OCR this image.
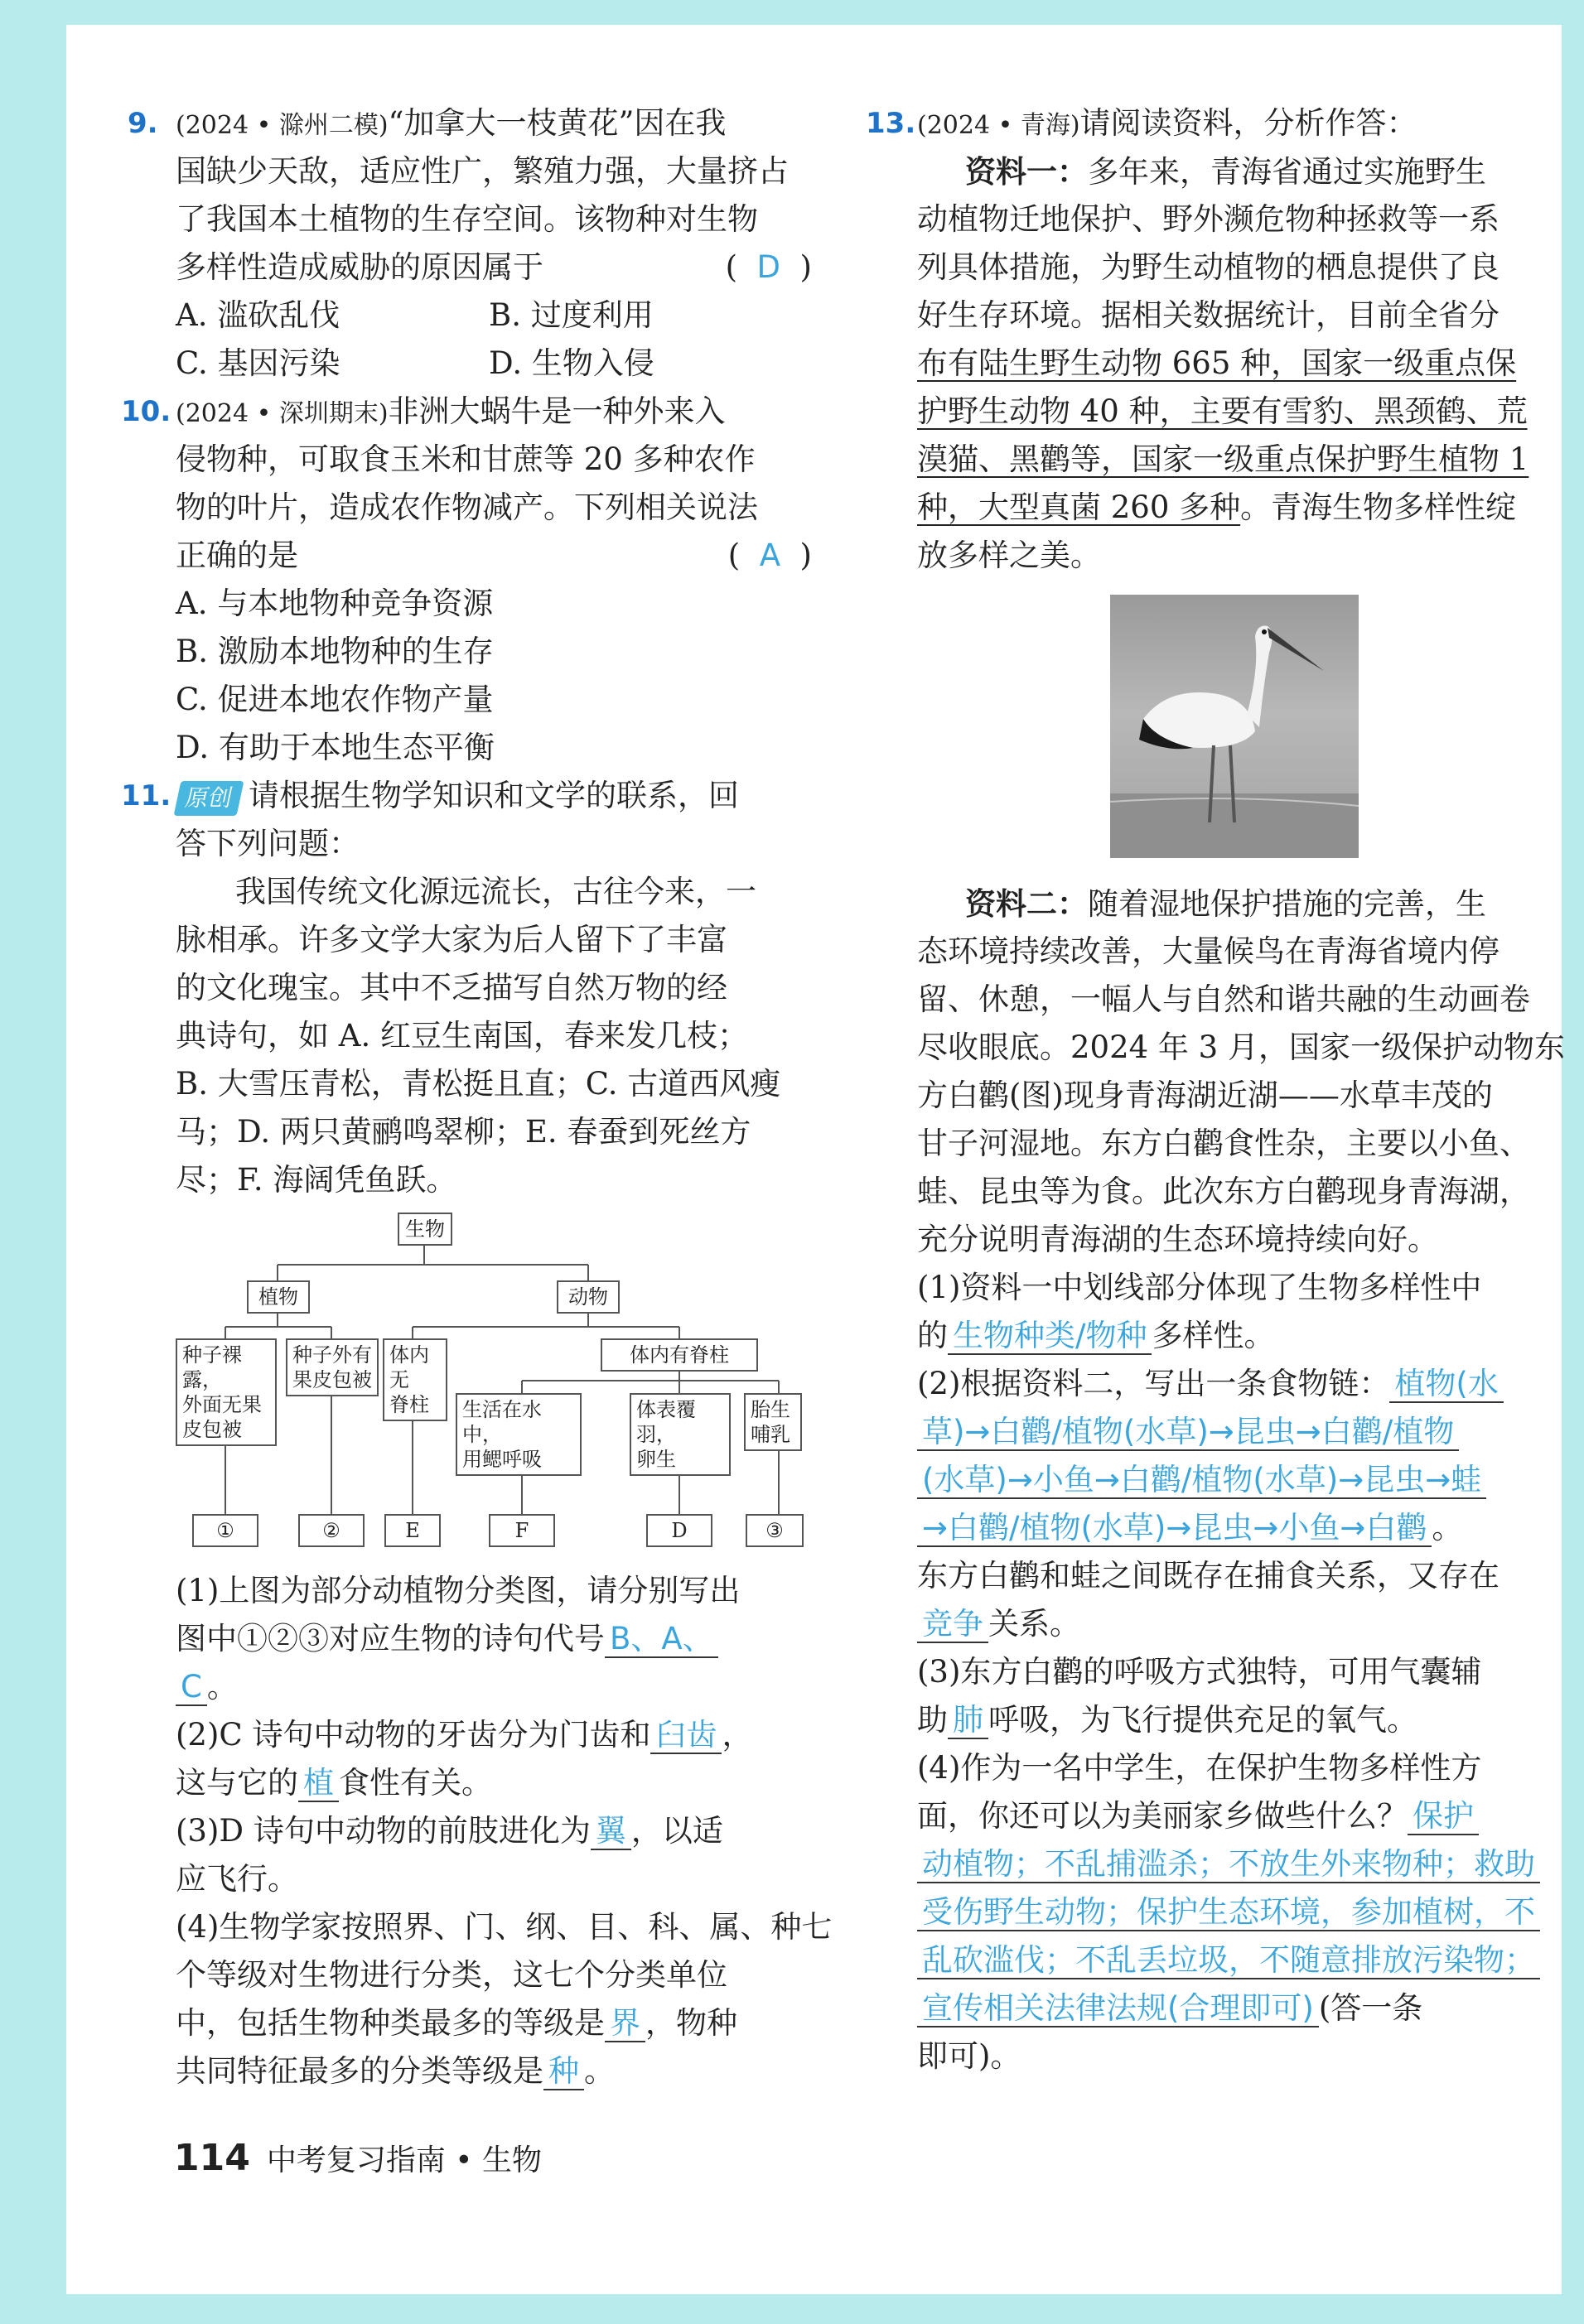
9. (2024 • 滁州二模)“加拿大一枝黄花”因在我
国缺少天敌，适应性广，繁殖力强，大量挤占
了我国本土植物的生存空间。该物种对生物
多样性造成威胁的原因属于	(  D  )
A. 滥砍乱伐	B. 过度利用
C. 基因污染	D. 生物入侵
10. (2024 • 深圳期末)非洲大蜗牛是一种外来入
侵物种，可取食玉米和甘蔗等 20 多种农作
物的叶片，造成农作物减产。下列相关说法
正确的是	(  A  )
A. 与本地物种竞争资源
B. 激励本地物种的生存
C. 促进本地农作物产量
D. 有助于本地生态平衡
11. 原创 请根据生物学知识和文学的联系，回
答下列问题：
我国传统文化源远流长，古往今来，一
脉相承。许多文学大家为后人留下了丰富
的文化瑰宝。其中不乏描写自然万物的经
典诗句，如 A. 红豆生南国，春来发几枝；
B. 大雪压青松，青松挺且直；C. 古道西风瘦
马；D. 两只黄鹂鸣翠柳；E. 春蚕到死丝方
尽；F. 海阔凭鱼跃。
生物
植物	动物
种子裸露，
外面无果
皮包被
种子外有
果皮包被
体内无
脊柱
体内有脊柱
生活在水中，
用鳃呼吸
体表覆羽，
卵生
胎生
哺乳
①	②	E	F	D	③
(1)上图为部分动植物分类图，请分别写出
图中①②③对应生物的诗句代号 B、A、
C 。
(2)C 诗句中动物的牙齿分为门齿和 臼齿 ，
这与它的 植 食性有关。
(3)D 诗句中动物的前肢进化为 翼 ，以适
应飞行。
(4)生物学家按照界、门、纲、目、科、属、种七
个等级对生物进行分类，这七个分类单位
中，包括生物种类最多的等级是 界 ，物种
共同特征最多的分类等级是 种 。
13. (2024 • 青海)请阅读资料，分析作答：
资料一：多年来，青海省通过实施野生
动植物迁地保护、野外濒危物种拯救等一系
列具体措施，为野生动植物的栖息提供了良
好生存环境。据相关数据统计，目前全省分
布有陆生野生动物 665 种，国家一级重点保
护野生动物 40 种，主要有雪豹、黑颈鹤、荒
漠猫、黑鹳等，国家一级重点保护野生植物 1
种，大型真菌 260 多种。青海生物多样性绽
放多样之美。
资料二：随着湿地保护措施的完善，生
态环境持续改善，大量候鸟在青海省境内停
留、休憩，一幅人与自然和谐共融的生动画卷
尽收眼底。2024 年 3 月，国家一级保护动物东
方白鹳(图)现身青海湖近湖——水草丰茂的
甘子河湿地。东方白鹳食性杂，主要以小鱼、
蛙、昆虫等为食。此次东方白鹳现身青海湖，
充分说明青海湖的生态环境持续向好。
(1)资料一中划线部分体现了生物多样性中
的 生物种类/物种 多样性。
(2)根据资料二，写出一条食物链： 植物(水
草)→白鹳/植物(水草)→昆虫→白鹳/植物
(水草)→小鱼→白鹳/植物(水草)→昆虫→蛙
→白鹳/植物(水草)→昆虫→小鱼→白鹳 。
东方白鹳和蛙之间既存在捕食关系，又存在
竞争 关系。
(3)东方白鹳的呼吸方式独特，可用气囊辅
助 肺 呼吸，为飞行提供充足的氧气。
(4)作为一名中学生，在保护生物多样性方
面，你还可以为美丽家乡做些什么？ 保护
动植物；不乱捕滥杀；不放生外来物种；救助
受伤野生动物；保护生态环境，参加植树，不
乱砍滥伐；不乱丢垃圾，不随意排放污染物；
宣传相关法律法规(合理即可) (答一条
即可)。
114 中考复习指南 • 生物
